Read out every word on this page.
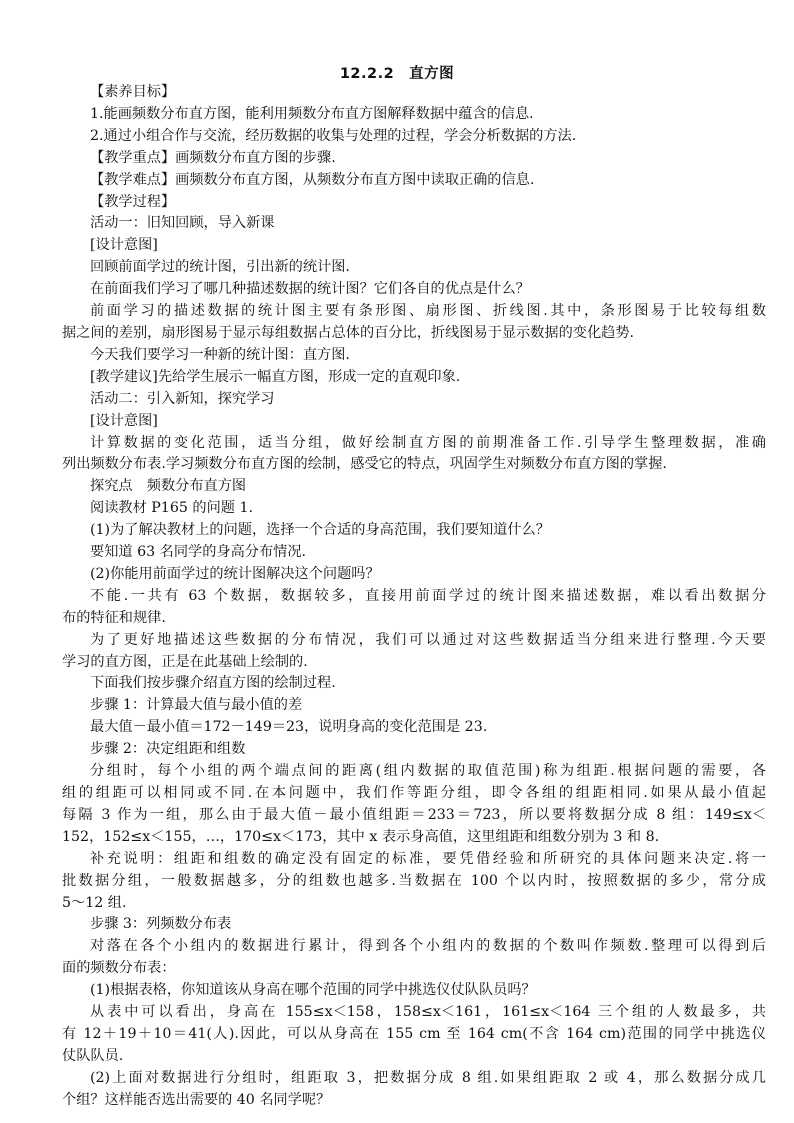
12.2.2　直方图
【素养目标】
1.能画频数分布直方图，能利用频数分布直方图解释数据中蕴含的信息.
2.通过小组合作与交流，经历数据的收集与处理的过程，学会分析数据的方法.
【教学重点】画频数分布直方图的步骤.
【教学难点】画频数分布直方图，从频数分布直方图中读取正确的信息.
【教学过程】
活动一：旧知回顾，导入新课
[设计意图]
回顾前面学过的统计图，引出新的统计图.
在前面我们学习了哪几种描述数据的统计图？它们各自的优点是什么？
前面学习的描述数据的统计图主要有条形图、扇形图、折线图.其中，条形图易于比较每组数
据之间的差别，扇形图易于显示每组数据占总体的百分比，折线图易于显示数据的变化趋势.
今天我们要学习一种新的统计图：直方图.
[教学建议]先给学生展示一幅直方图，形成一定的直观印象.
活动二：引入新知，探究学习
[设计意图]
计算数据的变化范围，适当分组，做好绘制直方图的前期准备工作.引导学生整理数据，准确
列出频数分布表.学习频数分布直方图的绘制，感受它的特点，巩固学生对频数分布直方图的掌握.
探究点　频数分布直方图
阅读教材 P165 的问题 1.
(1)为了解决教材上的问题，选择一个合适的身高范围，我们要知道什么？
要知道 63 名同学的身高分布情况.
(2)你能用前面学过的统计图解决这个问题吗？
不能.一共有 63 个数据，数据较多，直接用前面学过的统计图来描述数据，难以看出数据分
布的特征和规律.
为了更好地描述这些数据的分布情况，我们可以通过对这些数据适当分组来进行整理.今天要
学习的直方图，正是在此基础上绘制的.
下面我们按步骤介绍直方图的绘制过程.
步骤 1：计算最大值与最小值的差
最大值－最小值＝172－149＝23，说明身高的变化范围是 23.
步骤 2：决定组距和组数
分组时，每个小组的两个端点间的距离(组内数据的取值范围)称为组距.根据问题的需要，各
组的组距可以相同或不同.在本问题中，我们作等距分组，即令各组的组距相同.如果从最小值起
每隔 3 作为一组，那么由于最大值－最小值组距＝233＝723，所以要将数据分成 8 组：149≤x＜
152，152≤x＜155，…，170≤x＜173，其中 x 表示身高值，这里组距和组数分别为 3 和 8.
补充说明：组距和组数的确定没有固定的标准，要凭借经验和所研究的具体问题来决定.将一
批数据分组，一般数据越多，分的组数也越多.当数据在 100 个以内时，按照数据的多少，常分成
5～12 组.
步骤 3：列频数分布表
对落在各个小组内的数据进行累计，得到各个小组内的数据的个数叫作频数.整理可以得到后
面的频数分布表：
(1)根据表格，你知道该从身高在哪个范围的同学中挑选仪仗队队员吗？
从表中可以看出，身高在 155≤x＜158，158≤x＜161，161≤x＜164 三个组的人数最多，共
有 12＋19＋10＝41(人).因此，可以从身高在 155 cm 至 164 cm(不含 164 cm)范围的同学中挑选仪
仗队队员.
(2)上面对数据进行分组时，组距取 3，把数据分成 8 组.如果组距取 2 或 4，那么数据分成几
个组？这样能否选出需要的 40 名同学呢？
